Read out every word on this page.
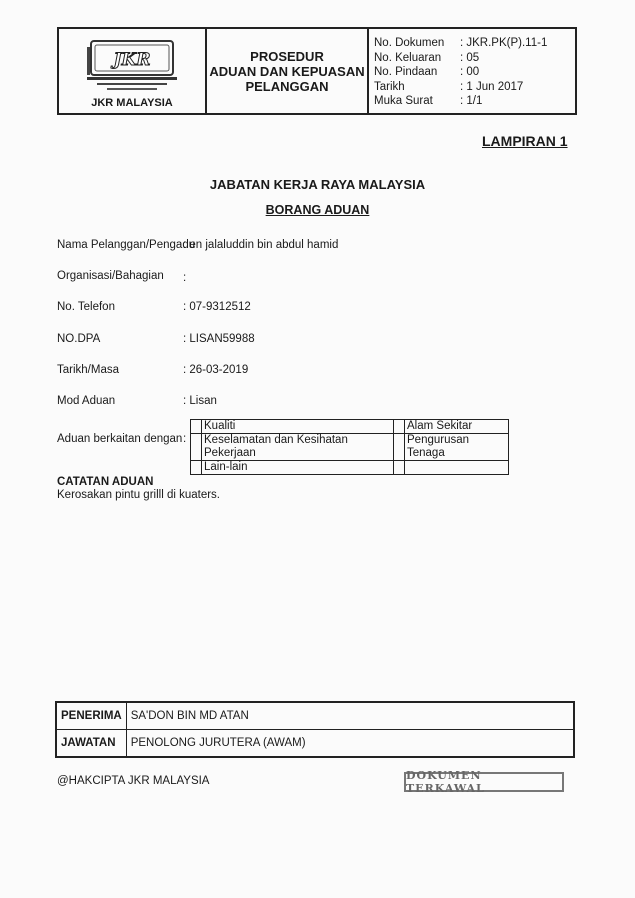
JKR
JKR MALAYSIA
PROSEDUR
ADUAN DAN KEPUASAN
PELANGGAN
No. Dokumen	: JKR.PK(P).11-1
No. Keluaran	: 05
No. Pindaan	: 00
Tarikh	: 1 Jun 2017
Muka Surat	: 1/1
LAMPIRAN 1
JABATAN KERJA RAYA MALAYSIA
BORANG ADUAN
Nama Pelanggan/Pengadu
: en jalaluddin bin abdul hamid
Organisasi/Bahagian :
No. Telefon	: 07-9312512
NO.DPA	: LISAN59988
Tarikh/Masa	: 26-03-2019
Mod Aduan	: Lisan
Aduan berkaitan dengan :
	Kualiti		Alam Sekitar
	Keselamatan dan Kesihatan Pekerjaan		Pengurusan Tenaga
	Lain-lain		
CATATAN ADUAN
Kerosakan pintu grilll di kuaters.
PENERIMA	SA'DON BIN MD ATAN
JAWATAN	PENOLONG JURUTERA (AWAM)
@HAKCIPTA JKR MALAYSIA	DOKUMEN TERKAWAL
